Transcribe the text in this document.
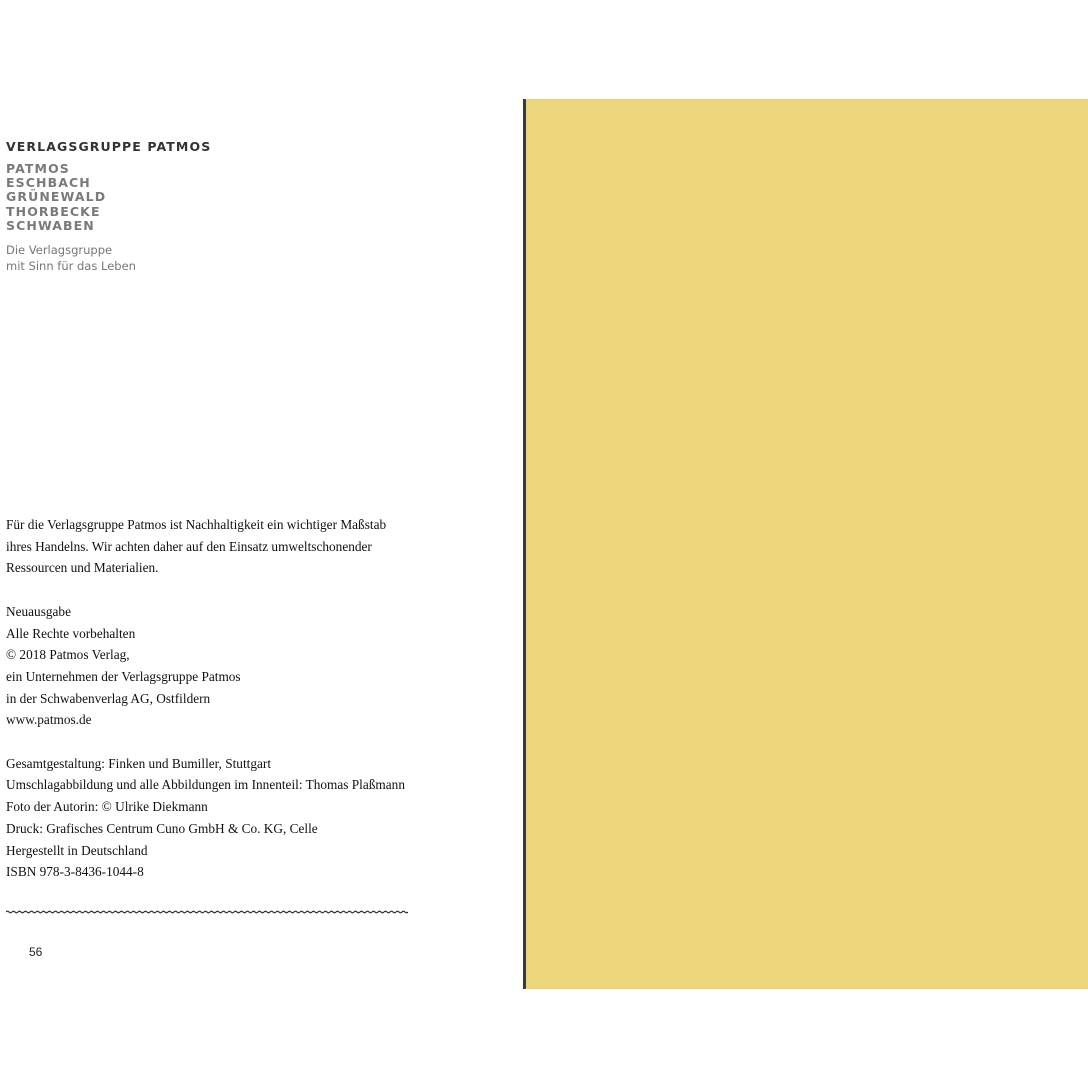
VERLAGSGRUPPE PATMOS
PATMOS
ESCHBACH
GRÜNEWALD
THORBECKE
SCHWABEN
Die Verlagsgruppe
mit Sinn für das Leben
Für die Verlagsgruppe Patmos ist Nachhaltigkeit ein wichtiger Maßstab
ihres Handelns. Wir achten daher auf den Einsatz umweltschonender
Ressourcen und Materialien.
Neuausgabe
Alle Rechte vorbehalten
© 2018 Patmos Verlag,
ein Unternehmen der Verlagsgruppe Patmos
in der Schwabenverlag AG, Ostfildern
www.patmos.de
Gesamtgestaltung: Finken und Bumiller, Stuttgart
Umschlagabbildung und alle Abbildungen im Innenteil: Thomas Plaßmann
Foto der Autorin: © Ulrike Diekmann
Druck: Grafisches Centrum Cuno GmbH & Co. KG, Celle
Hergestellt in Deutschland
ISBN 978-3-8436-1044-8
56
